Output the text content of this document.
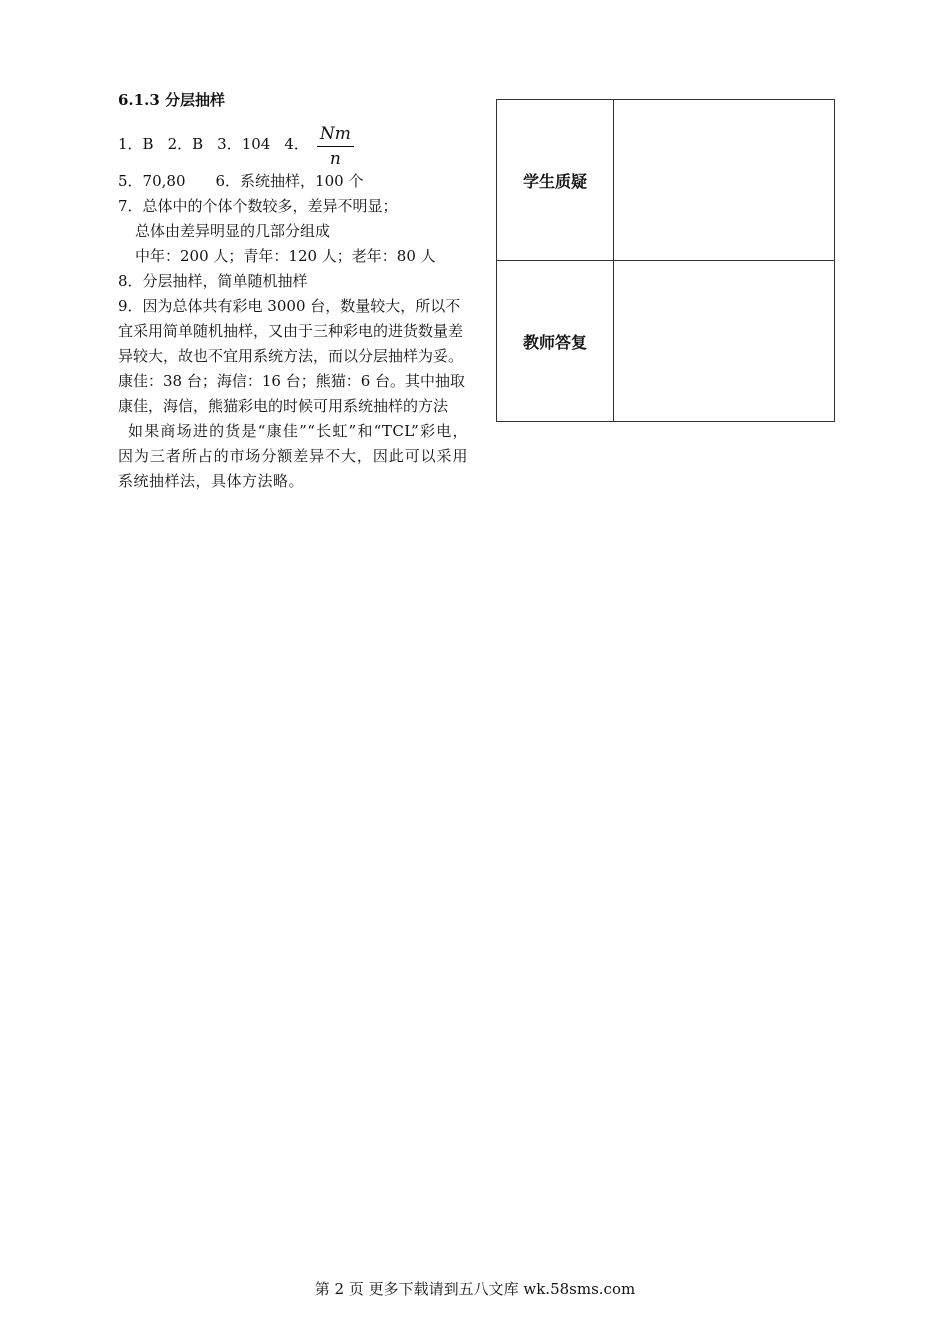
6.1.3 分层抽样
1．B 2．B 3．104 4． $\frac{Nm}{n}$
5．70,80 6．系统抽样，100 个
7．总体中的个体个数较多，差异不明显；
总体由差异明显的几部分组成
中年：200 人；青年：120 人；老年：80 人
8．分层抽样，简单随机抽样
9．因为总体共有彩电 3000 台，数量较大，所以不宜采用简单随机抽样，又由于三种彩电的进货数量差异较大，故也不宜用系统方法，而以分层抽样为妥。康佳：38 台；海信：16 台；熊猫：6 台。其中抽取康佳，海信，熊猫彩电的时候可用系统抽样的方法
如果商场进的货是“康佳”“长虹”和“TCL”彩电，因为三者所占的市场分额差异不大，因此可以采用系统抽样法，具体方法略。
学生质疑	
教师答复	
第 2 页 更多下载请到五八文库 wk.58sms.com
